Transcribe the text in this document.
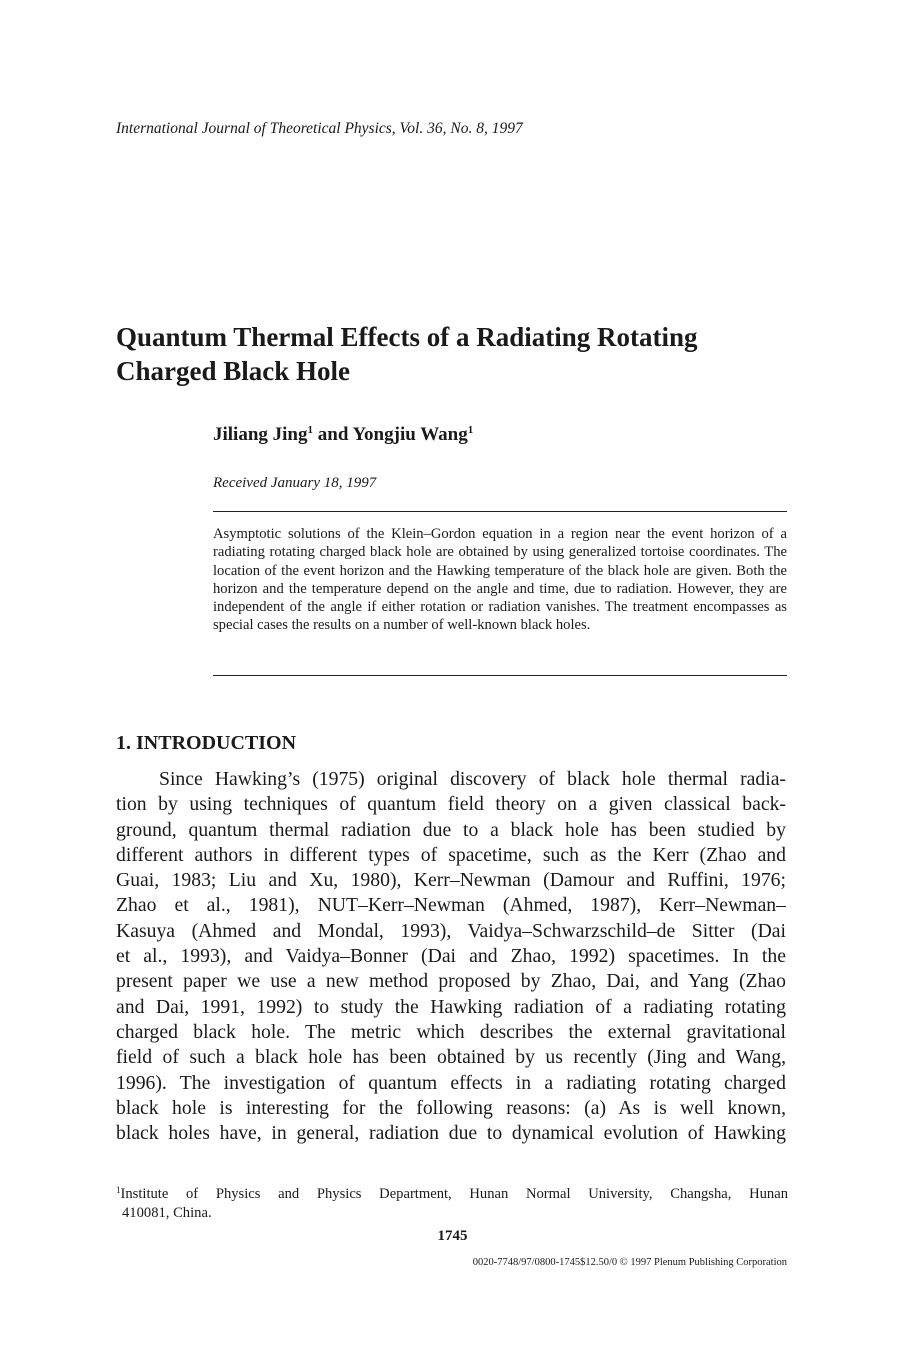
International Journal of Theoretical Physics, Vol. 36, No. 8, 1997
Quantum Thermal Effects of a Radiating Rotating
Charged Black Hole
Jiliang Jing$^1$ and Yongjiu Wang$^1$
Received January 18, 1997
Asymptotic solutions of the Klein–Gordon equation in a region near the event horizon of a radiating rotating charged black hole are obtained by using generalized tortoise coordinates. The location of the event horizon and the Hawking temperature of the black hole are given. Both the horizon and the temperature depend on the angle and time, due to radiation. However, they are independent of the angle if either rotation or radiation vanishes. The treatment encompasses as special cases the results on a number of well-known black holes.
1. INTRODUCTION
Since Hawking’s (1975) original discovery of black hole thermal radia-
tion by using techniques of quantum field theory on a given classical back-
ground, quantum thermal radiation due to a black hole has been studied by
different authors in different types of spacetime, such as the Kerr (Zhao and
Guai, 1983; Liu and Xu, 1980), Kerr–Newman (Damour and Ruffini, 1976;
Zhao et al., 1981), NUT–Kerr–Newman (Ahmed, 1987), Kerr–Newman–
Kasuya (Ahmed and Mondal, 1993), Vaidya–Schwarzschild–de Sitter (Dai
et al., 1993), and Vaidya–Bonner (Dai and Zhao, 1992) spacetimes. In the
present paper we use a new method proposed by Zhao, Dai, and Yang (Zhao
and Dai, 1991, 1992) to study the Hawking radiation of a radiating rotating
charged black hole. The metric which describes the external gravitational
field of such a black hole has been obtained by us recently (Jing and Wang,
1996). The investigation of quantum effects in a radiating rotating charged
black hole is interesting for the following reasons: (a) As is well known,
black holes have, in general, radiation due to dynamical evolution of Hawking
$^1$Institute of Physics and Physics Department, Hunan Normal University, Changsha, Hunan
410081, China.
1745
0020-7748/97/0800-1745$12.50/0 © 1997 Plenum Publishing Corporation
